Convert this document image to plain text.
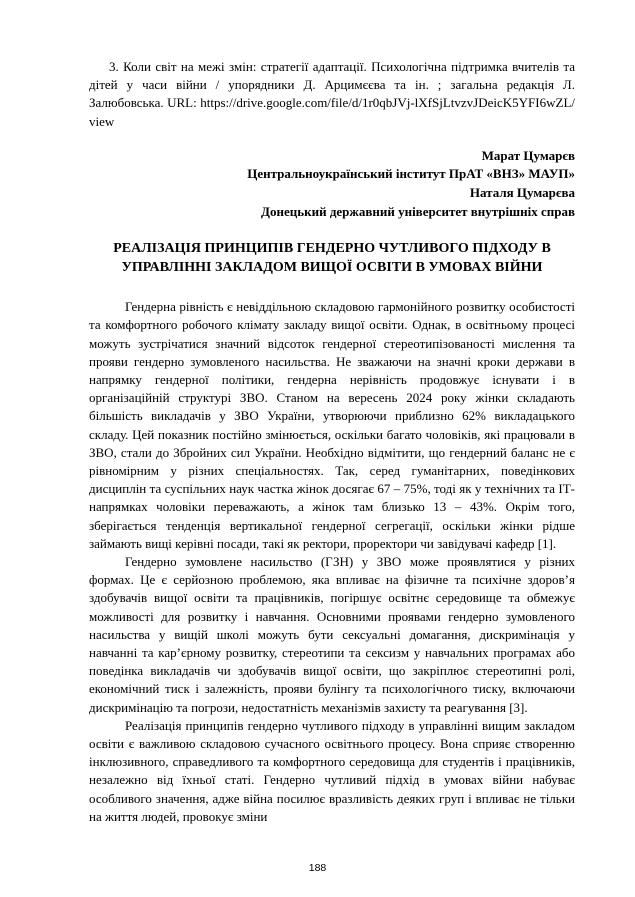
3. Коли світ на межі змін: стратегії адаптації. Психологічна підтримка вчителів та дітей у часи війни / упорядники Д. Арцимєєва та ін. ; загальна редакція Л. Залюбовська. URL: https://drive.google.com/file/d/1r0qbJVj-lXfSjLtvzvJDeicK5YFI6wZL/view

Марат Цумарєв
Центральноукраїнський інститут ПрАТ «ВНЗ» МАУП»
Наталя Цумарєва
Донецький державний університет внутрішніх справ
РЕАЛІЗАЦІЯ ПРИНЦИПІВ ГЕНДЕРНО ЧУТЛИВОГО ПІДХОДУ В УПРАВЛІННІ ЗАКЛАДОМ ВИЩОЇ ОСВІТИ В УМОВАХ ВІЙНИ

Гендерна рівність є невіддільною складовою гармонійного розвитку особистості та комфортного робочого клімату закладу вищої освіти. Однак, в освітньому процесі можуть зустрічатися значний відсоток гендерної стереотипізованості мислення та прояви гендерно зумовленого насильства. Не зважаючи на значні кроки держави в напрямку гендерної політики, гендерна нерівність продовжує існувати і в організаційній структурі ЗВО. Станом на вересень 2024 року жінки складають більшість викладачів у ЗВО України, утворюючи приблизно 62% викладацького складу. Цей показник постійно змінюється, оскільки багато чоловіків, які працювали в ЗВО, стали до Збройних сил України. Необхідно відмітити, що гендерний баланс не є рівномірним у різних спеціальностях. Так, серед гуманітарних, поведінкових дисциплін та суспільних наук частка жінок досягає 67 – 75%, тоді як у технічних та ІТ-напрямках чоловіки переважають, а жінок там близько 13 – 43%. Окрім того, зберігається тенденція вертикальної гендерної сегрегації, оскільки жінки рідше займають вищі керівні посади, такі як ректори, проректори чи завідувачі кафедр [1].

Гендерно зумовлене насильство (ГЗН) у ЗВО може проявлятися у різних формах. Це є серйозною проблемою, яка впливає на фізичне та психічне здоров’я здобувачів вищої освіти та працівників, погіршує освітнє середовище та обмежує можливості для розвитку і навчання. Основними проявами гендерно зумовленого насильства у вищій школі можуть бути сексуальні домагання, дискримінація у навчанні та кар’єрному розвитку, стереотипи та сексизм у навчальних програмах або поведінка викладачів чи здобувачів вищої освіти, що закріплює стереотипні ролі, економічний тиск і залежність, прояви булінгу та психологічного тиску, включаючи дискримінацію та погрози, недостатність механізмів захисту та реагування [3].

Реалізація принципів гендерно чутливого підходу в управлінні вищим закладом освіти є важливою складовою сучасного освітнього процесу. Вона сприяє створенню інклюзивного, справедливого та комфортного середовища для студентів і працівників, незалежно від їхньої статі. Гендерно чутливий підхід в умовах війни набуває особливого значення, адже війна посилює вразливість деяких груп і впливає не тільки на життя людей, провокує зміни

188
